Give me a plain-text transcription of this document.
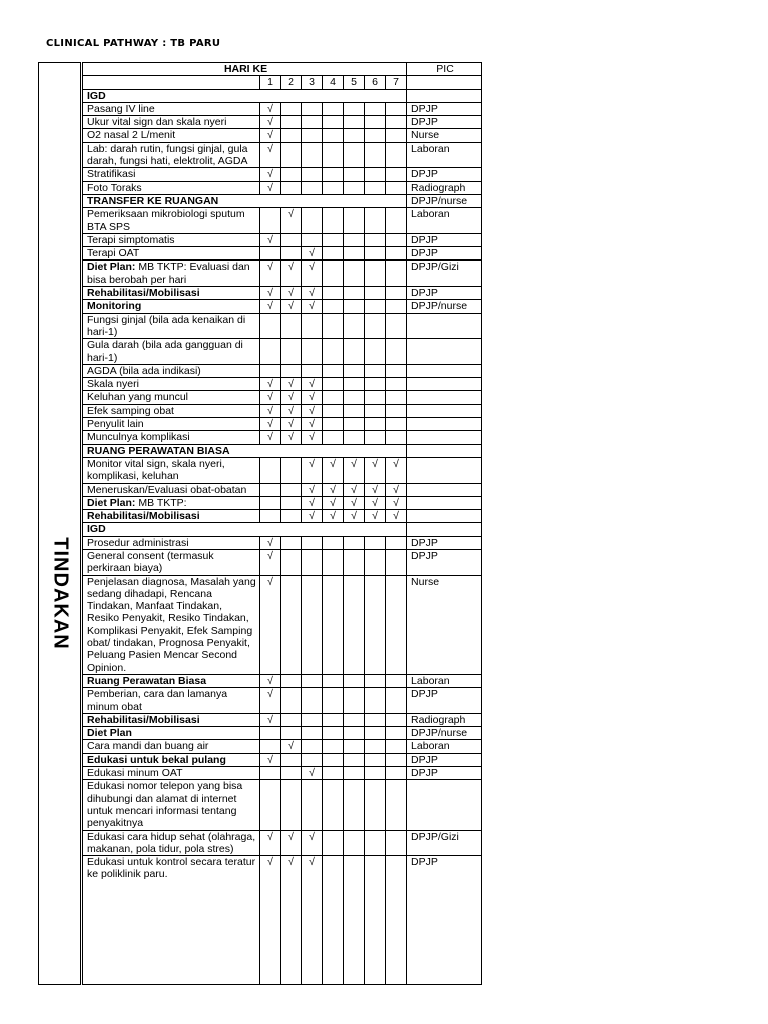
CLINICAL PATHWAY : TB PARU
TINDAKAN
HARI KE								PIC
	1	2	3	4	5	6	7	
IGD								
Pasang IV line	√							DPJP
Ukur vital sign dan skala nyeri	√							DPJP
O2 nasal 2 L/menit	√							Nurse
Lab: darah rutin, fungsi ginjal, gula darah, fungsi hati, elektrolit, AGDA	√							Laboran
Stratifikasi	√							DPJP
Foto Toraks	√							Radiograph
TRANSFER KE RUANGAN								DPJP/nurse
Pemeriksaan mikrobiologi sputum BTA SPS		√						Laboran
Terapi simptomatis	√							DPJP
Terapi OAT			√					DPJP

Diet Plan: MB TKTP: Evaluasi dan bisa berobah per hari	√	√	√					DPJP/Gizi
Rehabilitasi/Mobilisasi	√	√	√					DPJP
Monitoring	√	√	√					DPJP/nurse
Fungsi ginjal (bila ada kenaikan di hari-1)								
Gula darah (bila ada gangguan di hari-1)								
AGDA (bila ada indikasi)								
Skala nyeri	√	√	√					
Keluhan yang muncul	√	√	√					
Efek samping obat	√	√	√					
Penyulit lain	√	√	√					
Munculnya komplikasi	√	√	√					
RUANG PERAWATAN BIASA								
Monitor vital sign, skala nyeri, komplikasi, keluhan			√	√	√	√	√	
Meneruskan/Evaluasi obat-obatan			√	√	√	√	√	
Diet Plan: MB TKTP:			√	√	√	√	√	
Rehabilitasi/Mobilisasi			√	√	√	√	√	
IGD								
Prosedur administrasi	√							DPJP
General consent (termasuk perkiraan biaya)	√							DPJP
Penjelasan diagnosa, Masalah yang sedang dihadapi, Rencana Tindakan, Manfaat Tindakan, Resiko Penyakit, Resiko Tindakan, Komplikasi Penyakit, Efek Samping obat/ tindakan, Prognosa Penyakit, Peluang Pasien Mencar Second Opinion.	√							Nurse
Ruang Perawatan Biasa	√							Laboran
Pemberian, cara dan lamanya minum obat	√							DPJP
Rehabilitasi/Mobilisasi	√							Radiograph
Diet Plan								DPJP/nurse
Cara mandi dan buang air		√						Laboran
Edukasi untuk bekal pulang	√							DPJP
Edukasi minum OAT			√					DPJP
Edukasi nomor telepon yang bisa dihubungi dan alamat di internet untuk mencari informasi tentang penyakitnya								
Edukasi cara hidup sehat (olahraga, makanan, pola tidur, pola stres)	√	√	√					DPJP/Gizi
Edukasi untuk kontrol secara teratur ke poliklinik paru.	√	√	√					DPJP
